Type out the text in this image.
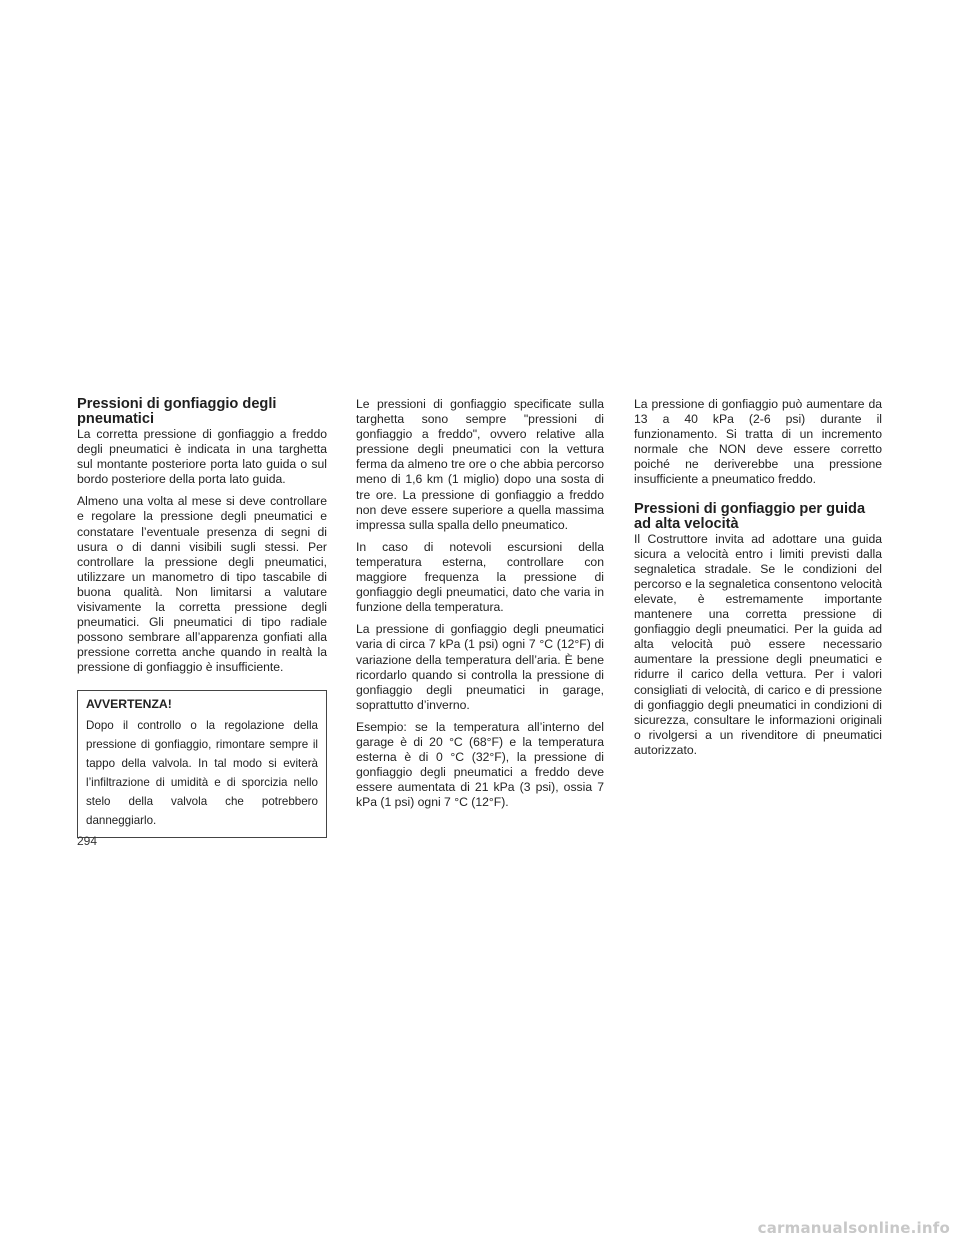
Pressioni di gonfiaggio degli pneumatici

La corretta pressione di gonfiaggio a freddo degli pneumatici è indicata in una targhetta sul montante posteriore porta lato guida o sul bordo posteriore della porta lato guida.

Almeno una volta al mese si deve controllare e regolare la pressione degli pneumatici e constatare l’eventuale presenza di segni di usura o di danni visibili sugli stessi. Per controllare la pressione degli pneumatici, utilizzare un manometro di tipo tascabile di buona qualità. Non limitarsi a valutare visivamente la corretta pressione degli pneumatici. Gli pneumatici di tipo radiale possono sembrare all’apparenza gonfiati alla pressione corretta anche quando in realtà la pressione di gonfiaggio è insufficiente.

AVVERTENZA!
Dopo il controllo o la regolazione della pressione di gonfiaggio, rimontare sempre il tappo della valvola. In tal modo si eviterà l’infiltrazione di umidità e di sporcizia nello stelo della valvola che potrebbero danneggiarlo.

Le pressioni di gonfiaggio specificate sulla targhetta sono sempre "pressioni di gonfiaggio a freddo", ovvero relative alla pressione degli pneumatici con la vettura ferma da almeno tre ore o che abbia percorso meno di 1,6 km (1 miglio) dopo una sosta di tre ore. La pressione di gonfiaggio a freddo non deve essere superiore a quella massima impressa sulla spalla dello pneumatico.

In caso di notevoli escursioni della temperatura esterna, controllare con maggiore frequenza la pressione di gonfiaggio degli pneumatici, dato che varia in funzione della temperatura.

La pressione di gonfiaggio degli pneumatici varia di circa 7 kPa (1 psi) ogni 7 °C (12°F) di variazione della temperatura dell’aria. È bene ricordarlo quando si controlla la pressione di gonfiaggio degli pneumatici in garage, soprattutto d’inverno.

Esempio: se la temperatura all’interno del garage è di 20 °C (68°F) e la temperatura esterna è di 0 °C (32°F), la pressione di gonfiaggio degli pneumatici a freddo deve essere aumentata di 21 kPa (3 psi), ossia 7 kPa (1 psi) ogni 7 °C (12°F).

La pressione di gonfiaggio può aumentare da 13 a 40 kPa (2-6 psi) durante il funzionamento. Si tratta di un incremento normale che NON deve essere corretto poiché ne deriverebbe una pressione insufficiente a pneumatico freddo.

Pressioni di gonfiaggio per guida ad alta velocità

Il Costruttore invita ad adottare una guida sicura a velocità entro i limiti previsti dalla segnaletica stradale. Se le condizioni del percorso e la segnaletica consentono velocità elevate, è estremamente importante mantenere una corretta pressione di gonfiaggio degli pneumatici. Per la guida ad alta velocità può essere necessario aumentare la pressione degli pneumatici e ridurre il carico della vettura. Per i valori consigliati di velocità, di carico e di pressione di gonfiaggio degli pneumatici in condizioni di sicurezza, consultare le informazioni originali o rivolgersi a un rivenditore di pneumatici autorizzato.

294
carmanualsonline.info
